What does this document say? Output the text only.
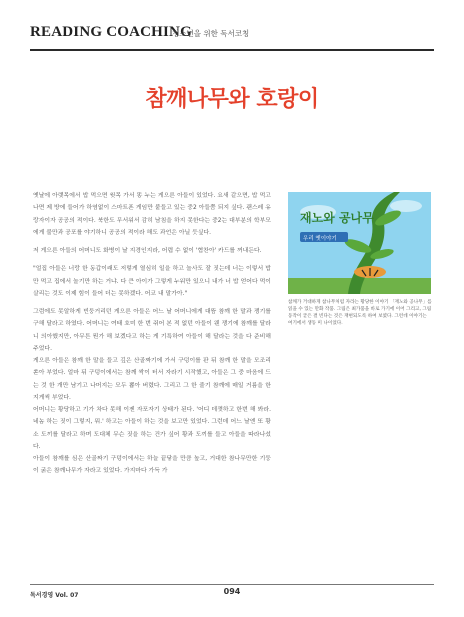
READING COACHING
청소년을 위한 독서코칭
참깨나무와 호랑이

옛날에 아랫목에서 밥 먹으면 윗목 가서 똥 누는 게으른 아들이 있었다. 요새 같으면, 밥 먹고 나면 제 방에 들어가 하염없이 스마트폰 게임만 붙들고 있는 중2 아들쯤 되지 싶다. 괜스레 유랑자이자 공공의 적이다. 북한도 무서워서 감히 남침을 하지 못한다는 중2는 대부분의 학부모에게 불만과 공포를 야기하니 공공의 적이라 해도 과언은 아닐 듯싶다.

저 게으른 아들의 어머니도 화병이 날 지경인지라, 어렵 수 없이 '협찬아' 카드를 꺼내든다.

"얼집 아들은 너랑 한 동갑이래도 저렇게 열심히 일을 하고 놀사도 잘 짓는데 너는 이렇서 밥만 먹고 집에서 놀기만 하는 거냐. 다 큰 아이가 그렇게 누워만 있으니 내가 너 밥 얻어다 먹이 살리는 것도 이제 힘이 들어 더는 못하겠다. 어코 내 말가아."

그럼에도 못알하게 빈둥거리던 게으른 아들은 어느 날 어머니에게 대뜸 참깨 한 말과 쟁기를 구해 달라고 하였다. 어머니는 여태 호미 한 번 쥐어 본 적 없던 아들이 웬 쟁기에 참깨를 달라니 의아했지만, 아무튼 뭔가 해 보겠다고 하는 게 기특하여 아들이 해 달라는 것을 다 준비해 주었다.

게으른 아들은 참깨 한 말을 들고 깊은 산골짜기에 가서 구덩이를 판 뒤 참깨 한 말을 모조리 쏟아 부었다. 얼마 뒤 구덩이에서는 참깨 싹이 터서 자라기 시작했고, 아들은 그 중 마음에 드는 것 한 개만 남기고 나머지는 모두 뽑아 버렸다. 그리고 그 한 줄기 참깨에 매일 거름을 한 지게씩 부었다.

어머니는 황당하고 기가 차다 못해 이젠 자포자기 상태가 된다. '어디 데꼇하고 한번 해 봐라. 네놈 하는 짓이 그렇지, 뭐.' 하고는 아들이 하는 것을 보고만 있었다. 그런데 어느 날엔 또 황소 도끼를 달라고 하며 도대체 무슨 짓을 하는 건가 싶어 황과 도끼를 들고 아들을 따라나섰다.

아들이 참깨를 심은 산골짜기 구덩이에서는 하늘 끝닿을 만큼 높고, 거대한 참나무만한 기둥이 굵은 참깨나무가 자라고 있었다. 가지마다 가득 가

재노와 공나무
우리 옛이야기
참깨가 거대하게 참나무처럼 자라는 황당한 이야기 「재노와 공나무」를 읽을 수 있는 만화 작품. 그림은 최가품을 바로 가기에 이어 그리고, 그림 동작이 굳은 결 빈다는 것은 재현되도록 하여 보였다. 그런데 이야기는 여기에서 생동 미 나이었다.
독서경영 Vol. 07	094
